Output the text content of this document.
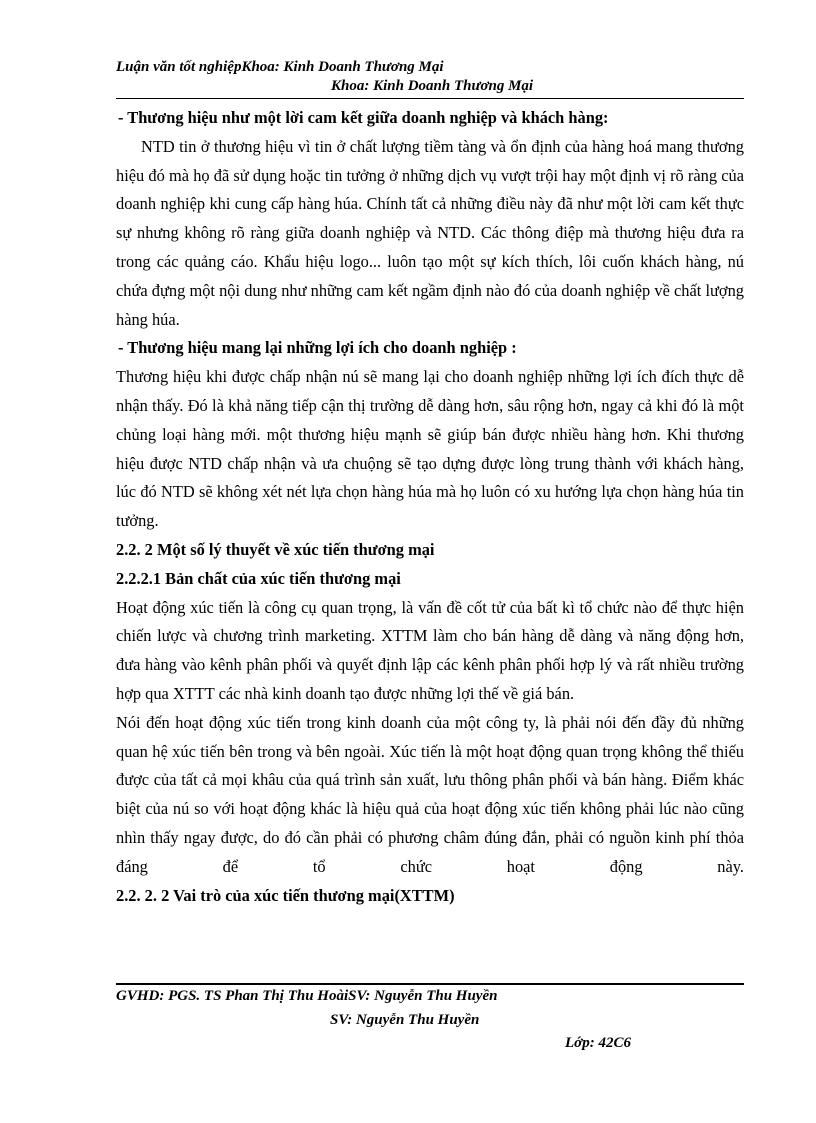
Luận văn tốt nghiệpKhoa: Kinh Doanh Thương Mại
Khoa: Kinh Doanh Thương Mại

- Thương hiệu như một lời cam kết giữa doanh nghiệp và khách hàng:

NTD tin ở thương hiệu vì tin ở chất lượng tiềm tàng và ổn định của hàng hoá mang thương hiệu đó mà họ đã sử dụng hoặc tin tưởng ở những dịch vụ vượt trội hay một định vị rõ ràng của doanh nghiệp khi cung cấp hàng húa. Chính tất cả những điều này đã như một lời cam kết thực sự nhưng không rõ ràng giữa doanh nghiệp và NTD. Các thông điệp mà thương hiệu đưa ra trong các quảng cáo. Khẩu hiệu logo... luôn tạo một sự kích thích, lôi cuốn khách hàng, nú chứa đựng một nội dung như những cam kết ngầm định nào đó của doanh nghiệp về chất lượng hàng húa.

- Thương hiệu mang lại những lợi ích cho doanh nghiệp :

Thương hiệu khi được chấp nhận nú sẽ mang lại cho doanh nghiệp những lợi ích đích thực dễ nhận thấy. Đó là khả năng tiếp cận thị trường dễ dàng hơn, sâu rộng hơn, ngay cả khi đó là một chủng loại hàng mới. một thương hiệu mạnh sẽ giúp bán được nhiều hàng hơn. Khi thương hiệu được NTD chấp nhận và ưa chuộng sẽ tạo dựng được lòng trung thành với khách hàng, lúc đó NTD sẽ không xét nét lựa chọn hàng húa mà họ luôn có xu hướng lựa chọn hàng húa tin tưởng.

2.2. 2 Một số lý thuyết về xúc tiến thương mại

2.2.2.1 Bản chất của xúc tiến thương mại

Hoạt động xúc tiến là công cụ quan trọng, là vấn đề cốt tử của bất kì tổ chức nào để thực hiện chiến lược và chương trình marketing. XTTM làm cho bán hàng dễ dàng và năng động hơn, đưa hàng vào kênh phân phối và quyết định lập các kênh phân phối hợp lý và rất nhiều trường hợp qua XTTT các nhà kinh doanh tạo được những lợi thế về giá bán.

Nói đến hoạt động xúc tiến trong kinh doanh của một công ty, là phải nói đến đầy đủ những quan hệ xúc tiến bên trong và bên ngoài. Xúc tiến là một hoạt động quan trọng không thể thiếu được của tất cả mọi khâu của quá trình sản xuất, lưu thông phân phối và bán hàng. Điểm khác biệt của nú so với hoạt động khác là hiệu quả của hoạt động xúc tiến không phải lúc nào cũng nhìn thấy ngay được, do đó cần phải có phương châm đúng đắn, phải có nguồn kinh phí thỏa đáng để tổ chức hoạt động này.

2.2. 2. 2 Vai trò của xúc tiến thương mại(XTTM)

GVHD: PGS. TS Phan Thị Thu HoàiSV: Nguyễn Thu Huyền
SV: Nguyễn Thu Huyền
Lớp: 42C6
